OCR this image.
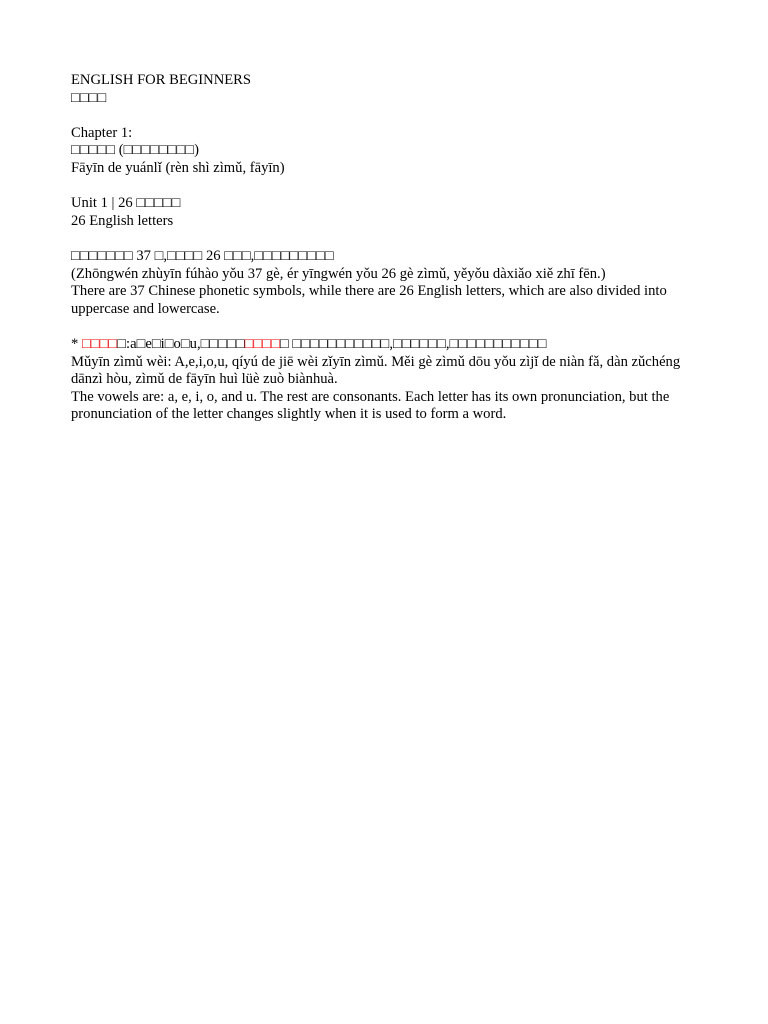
ENGLISH FOR BEGINNERS
□□□□
Chapter 1:
□□□□□ (□□□□□□□□)
Fāyīn de yuánlǐ (rèn shì zìmǔ, fāyīn)
Unit 1 | 26 □□□□□
26 English letters
□□□□□□□ 37 □,□□□□ 26 □□□,□□□□□□□□□
(Zhōngwén zhùyīn fúhào yǒu 37 gè, ér yīngwén yǒu 26 gè zìmǔ, yěyǒu dàxiǎo xiě zhī fēn.)
There are 37 Chinese phonetic symbols, while there are 26 English letters, which are also divided into uppercase and lowercase.
* □□□□□:a□e□i□o□u,□□□□□□□□□□ □□□□□□□□□□□,□□□□□□,□□□□□□□□□□□
Mǔyīn zìmǔ wèi: A,e,i,o,u, qíyú de jiē wèi zǐyīn zìmǔ. Měi gè zìmǔ dōu yǒu zìjǐ de niàn fǎ, dàn zǔchéng dānzì hòu, zìmǔ de fāyīn huì lüè zuò biànhuà.
The vowels are: a, e, i, o, and u. The rest are consonants. Each letter has its own pronunciation, but the pronunciation of the letter changes slightly when it is used to form a word.
